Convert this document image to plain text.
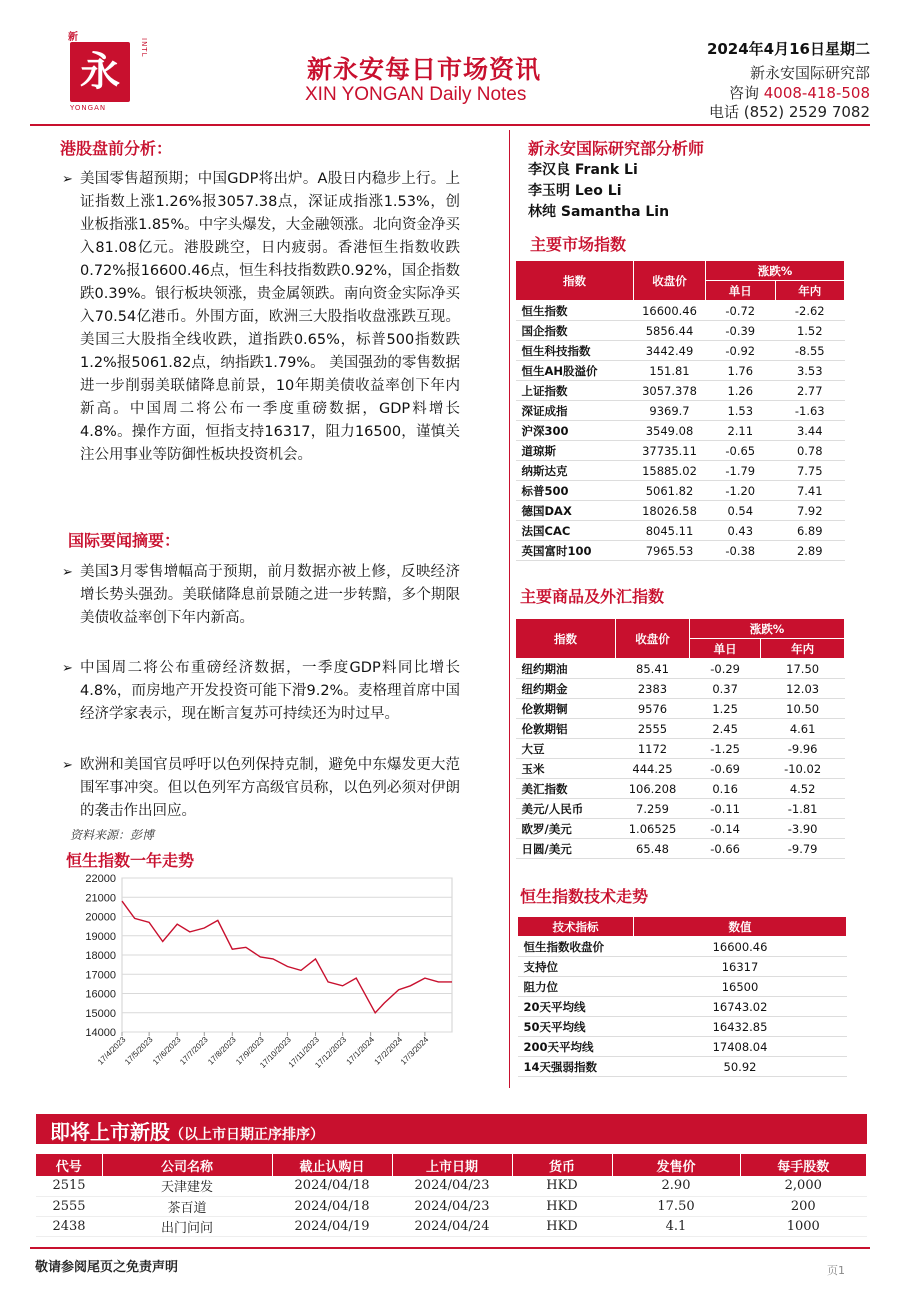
永
新
INTL
YONGAN
新永安每日市场资讯
XIN YONGAN Daily Notes
2024年4月16日星期二
新永安国际研究部
咨询 4008-418-508
电话 (852) 2529 7082
港股盘前分析：
➢ 美国零售超预期；中国GDP将出炉。A股日内稳步上行。上证指数上涨1.26%报3057.38点，深证成指涨1.53%，创业板指涨1.85%。中字头爆发，大金融领涨。北向资金净买入81.08亿元。港股跳空，日内疲弱。香港恒生指数收跌0.72%报16600.46点，恒生科技指数跌0.92%，国企指数跌0.39%。银行板块领涨，贵金属领跌。南向资金实际净买入70.54亿港币。外围方面，欧洲三大股指收盘涨跌互现。美国三大股指全线收跌，道指跌0.65%，标普500指数跌1.2%报5061.82点，纳指跌1.79%。 美国强劲的零售数据进一步削弱美联储降息前景，10年期美债收益率创下年内新高。中国周二将公布一季度重磅数据，GDP料增长4.8%。操作方面，恒指支持16317，阻力16500，谨慎关注公用事业等防御性板块投资机会。
国际要闻摘要：
➢ 美国3月零售增幅高于预期，前月数据亦被上修，反映经济增长势头强劲。美联储降息前景随之进一步转黯，多个期限美债收益率创下年内新高。
➢ 中国周二将公布重磅经济数据，一季度GDP料同比增长4.8%，而房地产开发投资可能下滑9.2%。麦格理首席中国经济学家表示，现在断言复苏可持续还为时过早。
➢ 欧洲和美国官员呼吁以色列保持克制，避免中东爆发更大范围军事冲突。但以色列军方高级官员称，以色列必须对伊朗的袭击作出回应。
资料来源：彭博
恒生指数一年走势
14000
15000
16000
17000
18000
19000
20000
21000
22000
17/4/2023
17/5/2023
17/6/2023
17/7/2023
17/8/2023
17/9/2023
17/10/2023
17/11/2023
17/12/2023
17/1/2024
17/2/2024
17/3/2024
新永安国际研究部分析师
李汉良 Frank Li
李玉明 Leo Li
林纯 Samantha Lin
主要市场指数
指数	收盘价	涨跌%	
		单日	年内
恒生指数	16600.46	-0.72	-2.62
国企指数	5856.44	-0.39	1.52
恒生科技指数	3442.49	-0.92	-8.55
恒生AH股溢价	151.81	1.76	3.53
上证指数	3057.378	1.26	2.77
深证成指	9369.7	1.53	-1.63
沪深300	3549.08	2.11	3.44
道琼斯	37735.11	-0.65	0.78
纳斯达克	15885.02	-1.79	7.75
标普500	5061.82	-1.20	7.41
德国DAX	18026.58	0.54	7.92
法国CAC	8045.11	0.43	6.89
英国富时100	7965.53	-0.38	2.89
主要商品及外汇指数
指数	收盘价	涨跌%	
		单日	年内
纽约期油	85.41	-0.29	17.50
纽约期金	2383	0.37	12.03
伦敦期铜	9576	1.25	10.50
伦敦期铝	2555	2.45	4.61
大豆	1172	-1.25	-9.96
玉米	444.25	-0.69	-10.02
美汇指数	106.208	0.16	4.52
美元/人民币	7.259	-0.11	-1.81
欧罗/美元	1.06525	-0.14	-3.90
日圆/美元	65.48	-0.66	-9.79
恒生指数技术走势
技术指标	数值
恒生指数收盘价	16600.46
支持位	16317
阻力位	16500
20天平均线	16743.02
50天平均线	16432.85
200天平均线	17408.04
14天强弱指数	50.92
即将上市新股（以上市日期正序排序）
代号	公司名称	截止认购日	上市日期	货币	发售价	每手股数
2515	天津建发	2024/04/18	2024/04/23	HKD	2.90	2,000
2555	茶百道	2024/04/18	2024/04/23	HKD	17.50	200
2438	出门问问	2024/04/19	2024/04/24	HKD	4.1	1000
敬请参阅尾页之免责声明	页1
